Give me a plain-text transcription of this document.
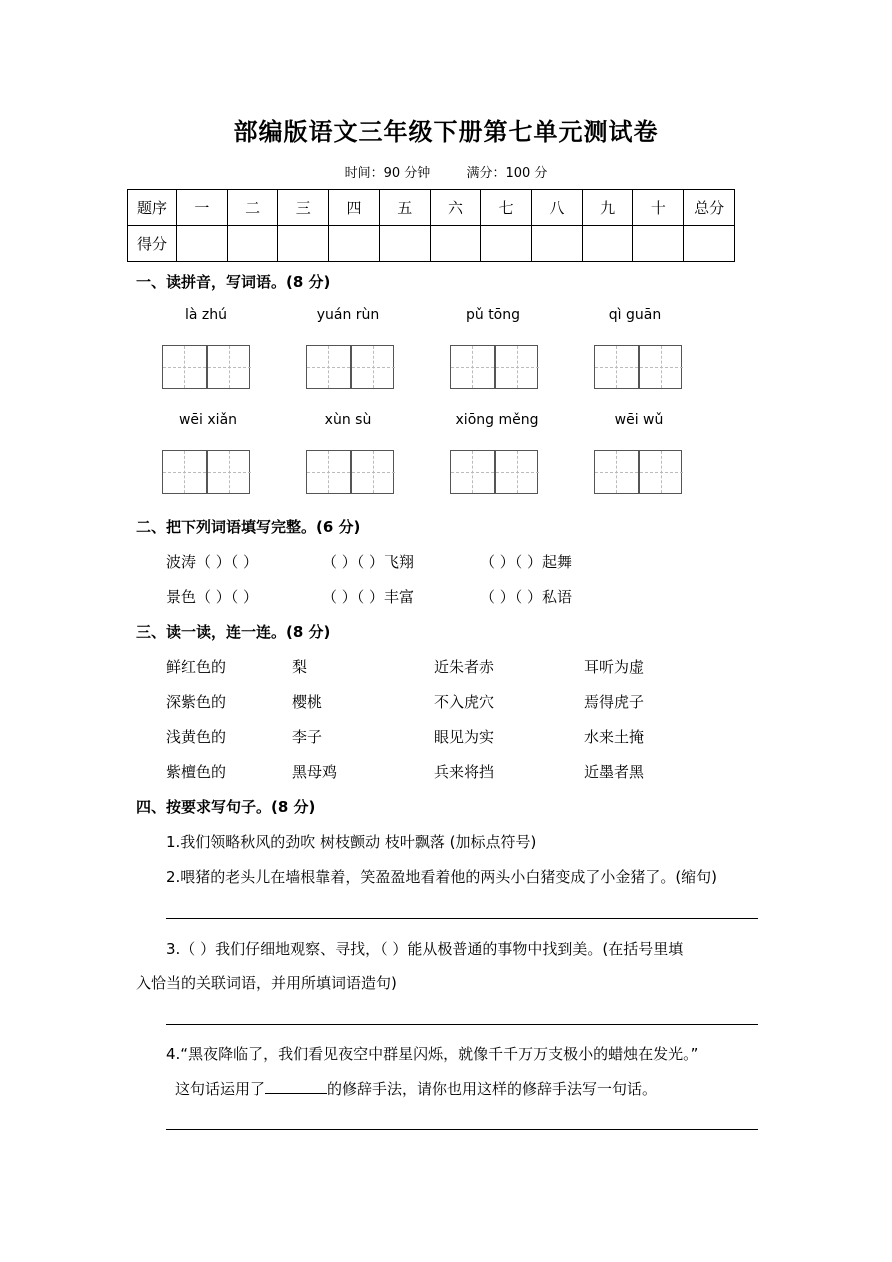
部编版语文三年级下册第七单元测试卷
时间：90 分钟	满分：100 分
题序	一	二	三	四	五	六	七	八	九	十	总分
得分											
一、读拼音，写词语。(8 分)
là zhú	yuán rùn	pǔ tōng	qì guān
wēi xiǎn	xùn sù	xiōng měng	wēi wǔ
二、把下列词语填写完整。(6 分)
波涛（ ）（ ）	（ ）（ ）飞翔	（ ）（ ）起舞
景色（ ）（ ）	（ ）（ ）丰富	（ ）（ ）私语
三、读一读，连一连。(8 分)
鲜红色的	梨	近朱者赤	耳听为虚
深紫色的	樱桃	不入虎穴	焉得虎子
浅黄色的	李子	眼见为实	水来土掩
紫檀色的	黑母鸡	兵来将挡	近墨者黑
四、按要求写句子。(8 分)
1.我们领略秋风的劲吹 树枝颤动 枝叶飘落 (加标点符号)
2.喂猪的老头儿在墙根靠着，笑盈盈地看着他的两头小白猪变成了小金猪了。(缩句)
3.（ ）我们仔细地观察、寻找，（ ）能从极普通的事物中找到美。(在括号里填
入恰当的关联词语，并用所填词语造句)
4.“黑夜降临了，我们看见夜空中群星闪烁，就像千千万万支极小的蜡烛在发光。”
这句话运用了	的修辞手法，请你也用这样的修辞手法写一句话。
